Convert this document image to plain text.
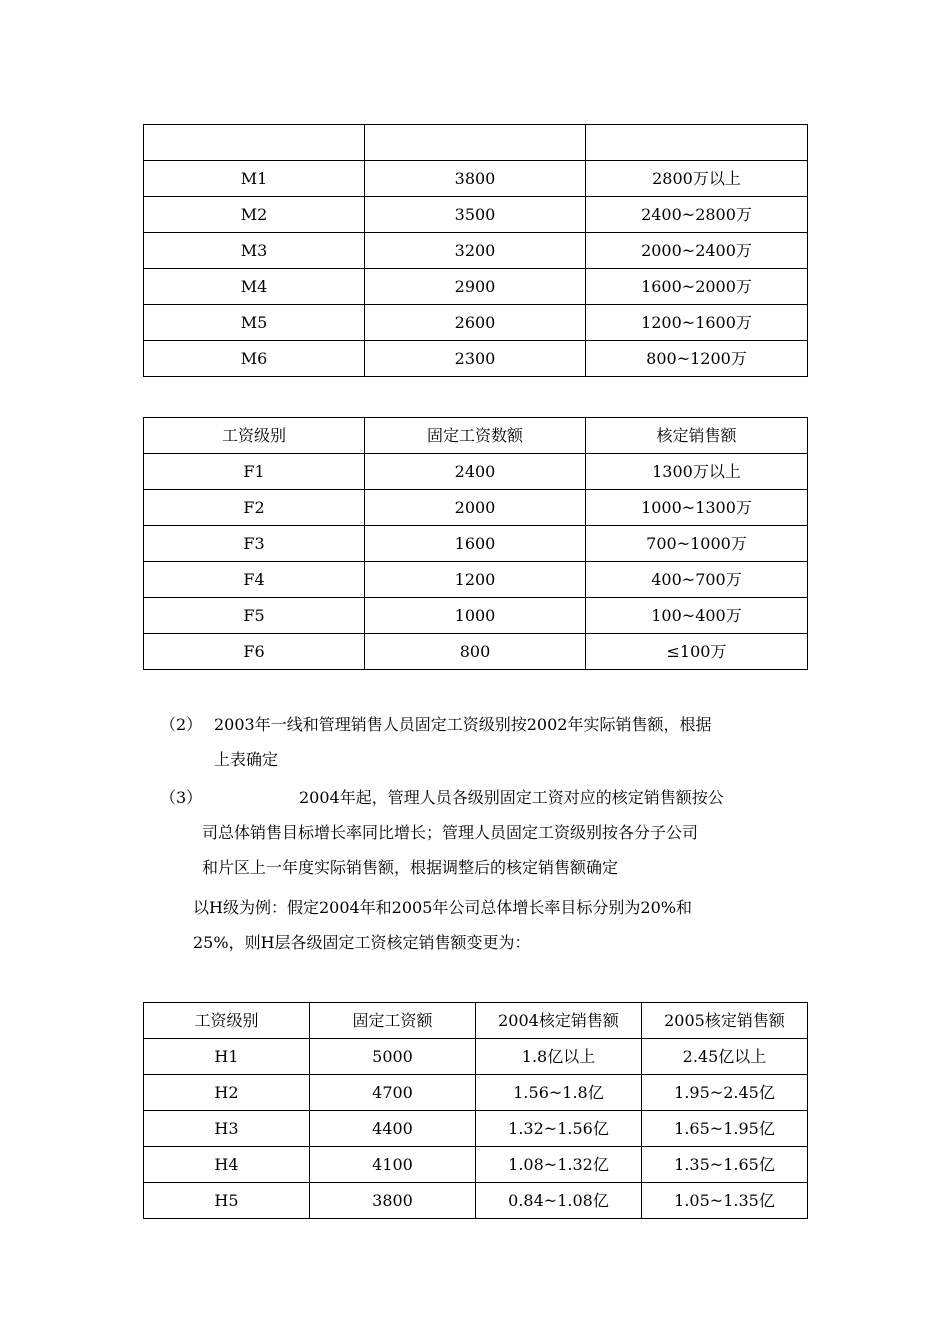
M1	3800	2800万以上
M2	3500	2400~2800万
M3	3200	2000~2400万
M4	2900	1600~2000万
M5	2600	1200~1600万
M6	2300	800~1200万
工资级别	固定工资数额	核定销售额
F1	2400	1300万以上
F2	2000	1000~1300万
F3	1600	700~1000万
F4	1200	400~700万
F5	1000	100~400万
F6	800	≤100万
（2） 2003年一线和管理销售人员固定工资级别按2002年实际销售额，根据
上表确定
（3）	2004年起，管理人员各级别固定工资对应的核定销售额按公
司总体销售目标增长率同比增长；管理人员固定工资级别按各分子公司
和片区上一年度实际销售额，根据调整后的核定销售额确定
以H级为例：假定2004年和2005年公司总体增长率目标分别为20%和
25%，则H层各级固定工资核定销售额变更为：
工资级别	固定工资额	2004核定销售额	2005核定销售额
H1	5000	1.8亿以上	2.45亿以上
H2	4700	1.56~1.8亿	1.95~2.45亿
H3	4400	1.32~1.56亿	1.65~1.95亿
H4	4100	1.08~1.32亿	1.35~1.65亿
H5	3800	0.84~1.08亿	1.05~1.35亿
